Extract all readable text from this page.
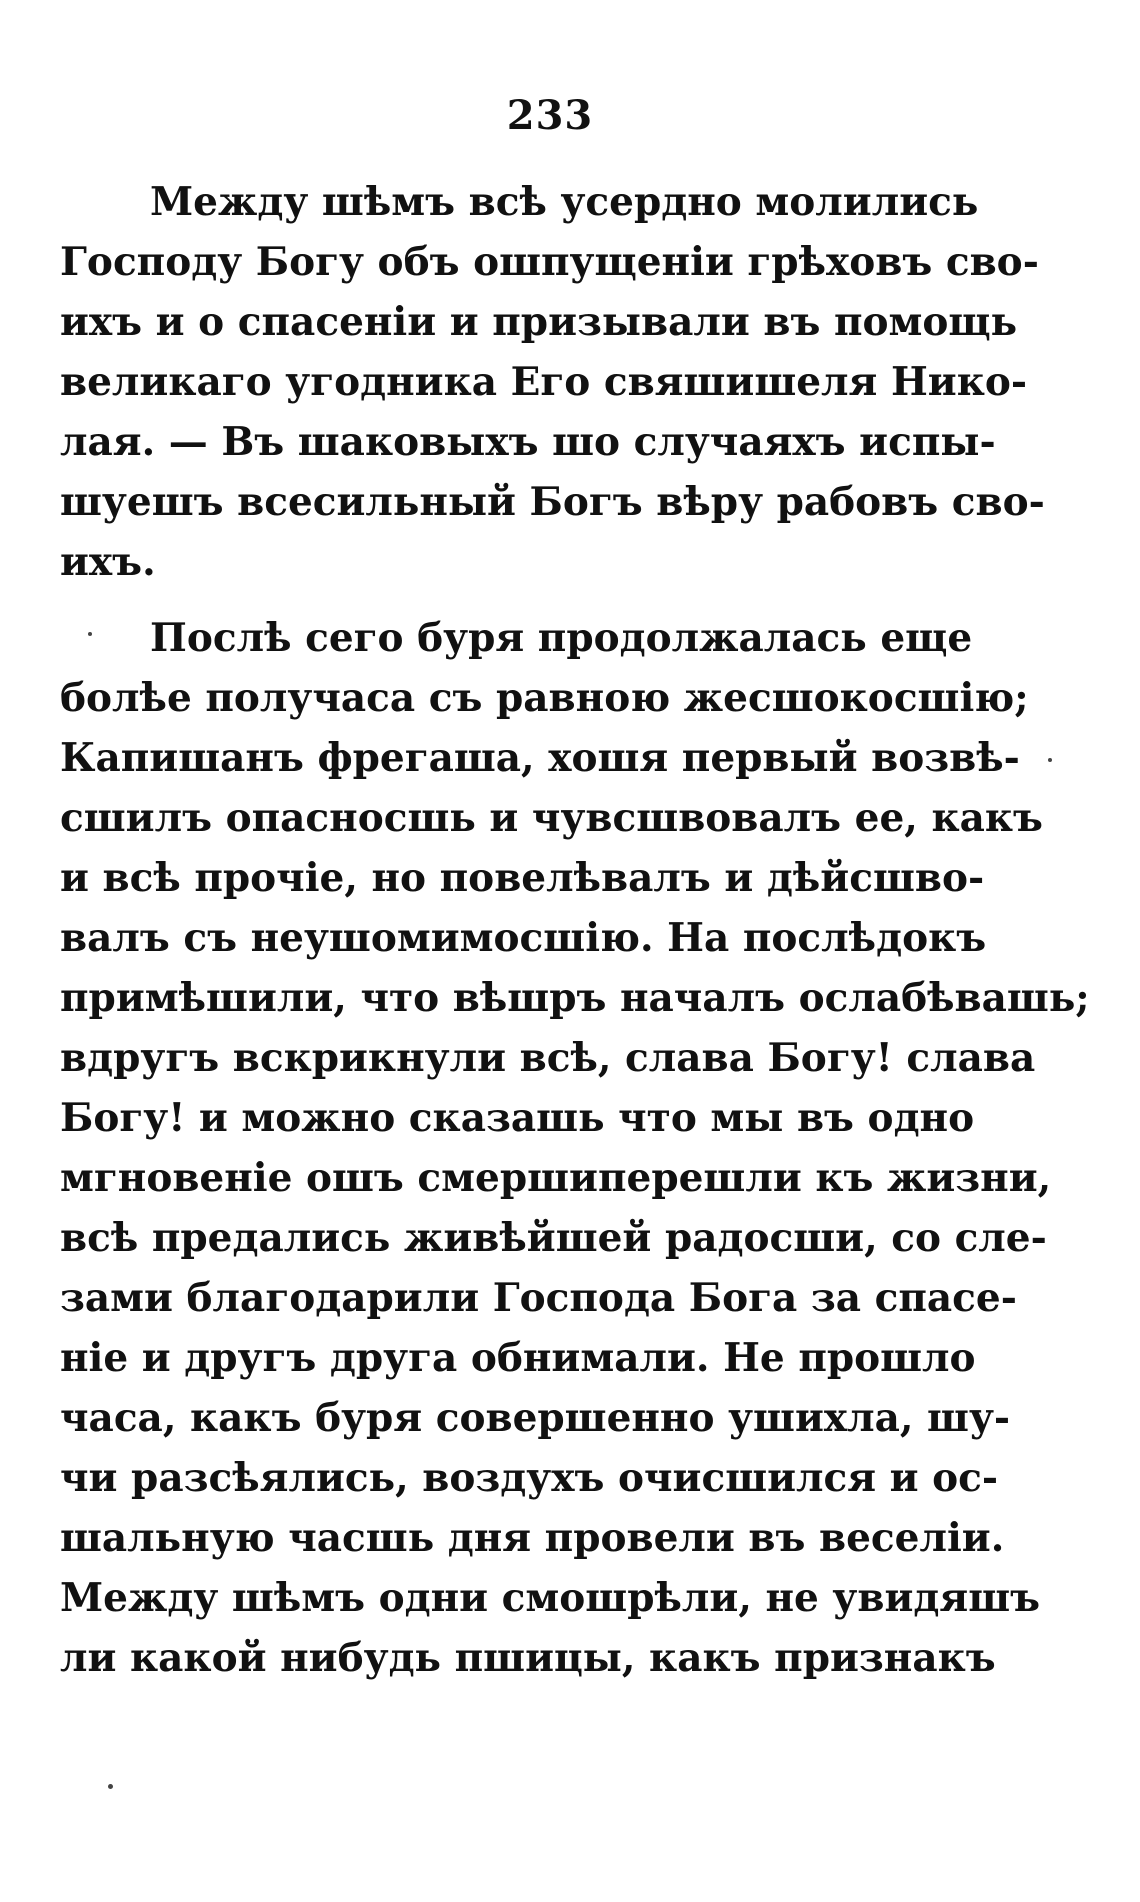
233
Между шѣмъ всѣ усердно молились
Господу Богу объ ошпущенiи грѣховъ сво-
ихъ и о спасенiи и призывали въ помощь
великаго угодника Его свяшишеля Нико-
лая. — Въ шаковыхъ шо случаяхъ испы-
шуешъ всесильный Богъ вѣру рабовъ сво-
ихъ.
Послѣ сего буря продолжалась еще
болѣе получаса съ равною жесшокосшiю;
Капишанъ фрегаша, хошя первый возвѣ-
сшилъ опасносшь и чувсшвовалъ ее, какъ
и всѣ прочiе, но повелѣвалъ и дѣйсшво-
валъ съ неушомимосшiю. На послѣдокъ
примѣшили, что вѣшръ началъ ослабѣвашь;
вдругъ вскрикнули всѣ, слава Богу! слава
Богу! и можно сказашь что мы въ одно
мгновенiе ошъ смершиперешли къ жизни,
всѣ предались живѣйшей радосши, со сле-
зами благодарили Господа Бога за спасе-
нiе и другъ друга обнимали. Не прошло
часа, какъ буря совершенно ушихла, шу-
чи разсѣялись, воздухъ очисшился и ос-
шальную часшь дня провели въ веселiи.
Между шѣмъ одни смошрѣли, не увидяшъ
ли какой нибудь пшицы, какъ признакъ
